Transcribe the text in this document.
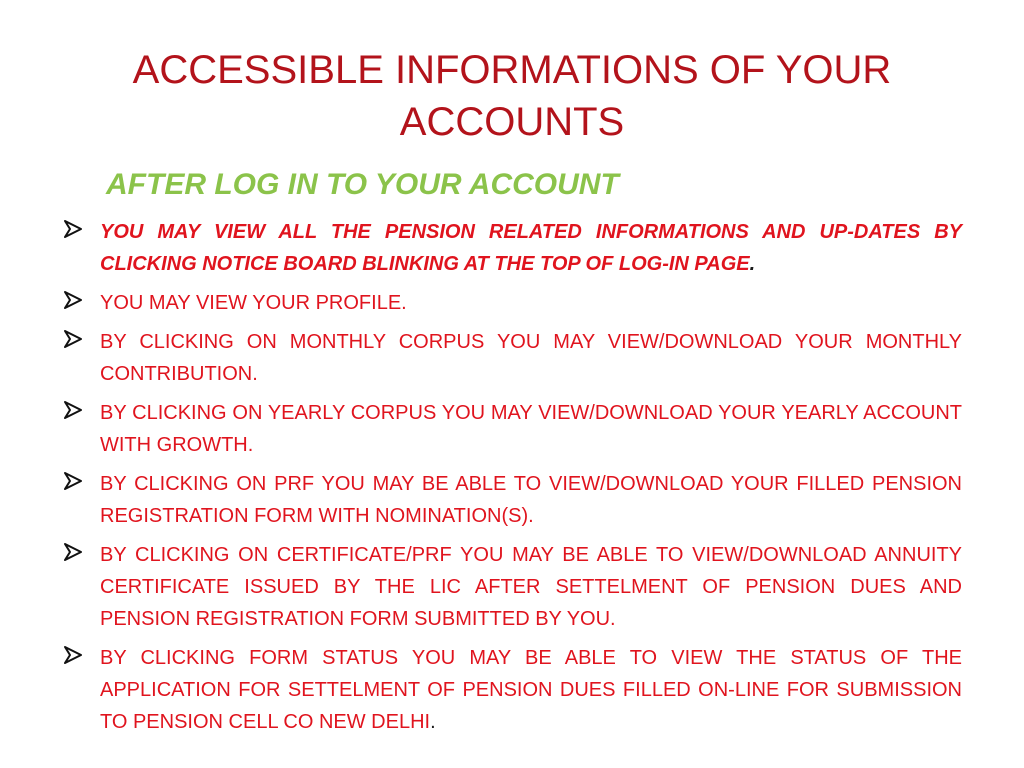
ACCESSIBLE INFORMATIONS OF YOUR ACCOUNTS

AFTER LOG IN TO YOUR ACCOUNT

YOU MAY VIEW ALL THE PENSION RELATED INFORMATIONS AND UP-DATES BY CLICKING NOTICE BOARD BLINKING AT THE TOP OF LOG-IN PAGE.
YOU MAY VIEW YOUR PROFILE.
BY CLICKING ON MONTHLY CORPUS YOU MAY VIEW/DOWNLOAD YOUR MONTHLY CONTRIBUTION.
BY CLICKING ON YEARLY CORPUS YOU MAY VIEW/DOWNLOAD YOUR YEARLY ACCOUNT WITH GROWTH.
BY CLICKING ON PRF YOU MAY BE ABLE TO VIEW/DOWNLOAD YOUR FILLED PENSION REGISTRATION FORM WITH NOMINATION(S).
BY CLICKING ON CERTIFICATE/PRF YOU MAY BE ABLE TO VIEW/DOWNLOAD ANNUITY CERTIFICATE ISSUED BY THE LIC AFTER SETTELMENT OF PENSION DUES AND PENSION REGISTRATION FORM SUBMITTED BY YOU.
BY CLICKING FORM STATUS YOU MAY BE ABLE TO VIEW THE STATUS OF THE APPLICATION FOR SETTELMENT OF PENSION DUES FILLED ON-LINE FOR SUBMISSION TO PENSION CELL CO NEW DELHI.
